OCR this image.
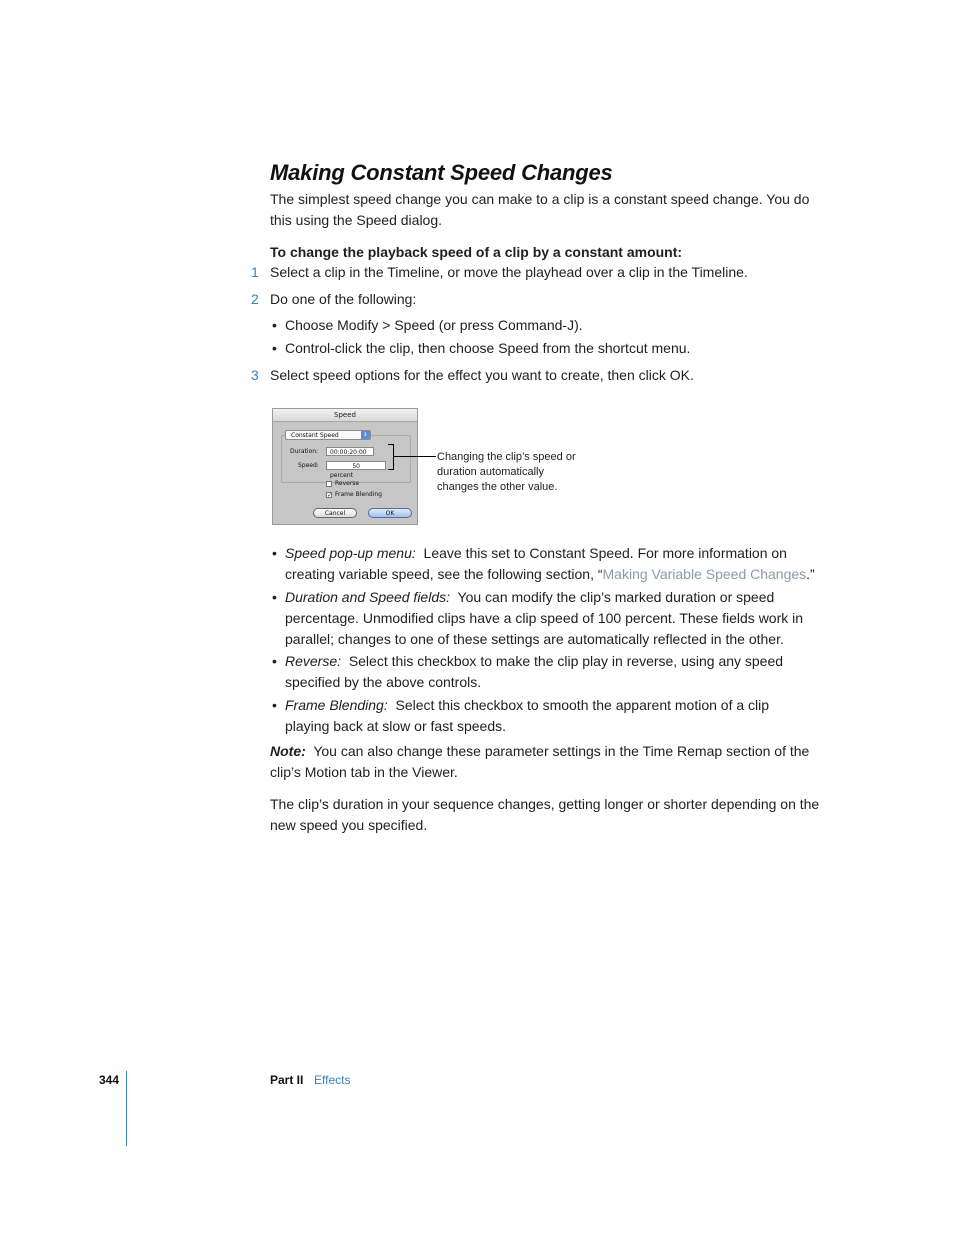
Making Constant Speed Changes
The simplest speed change you can make to a clip is a constant speed change. You do this using the Speed dialog.
To change the playback speed of a clip by a constant amount:
1 Select a clip in the Timeline, or move the playhead over a clip in the Timeline.
2 Do one of the following:
• Choose Modify > Speed (or press Command-J).
• Control-click the clip, then choose Speed from the shortcut menu.
3 Select speed options for the effect you want to create, then click OK.
Speed
Constant Speed	⇕
Duration:	00:00:20:00
Speed:	50 percent
Reverse
✓ Frame Blending
Cancel	OK
Changing the clip’s speed or duration automatically changes the other value.
• Speed pop-up menu: Leave this set to Constant Speed. For more information on creating variable speed, see the following section, “Making Variable Speed Changes.”
• Duration and Speed fields: You can modify the clip’s marked duration or speed percentage. Unmodified clips have a clip speed of 100 percent. These fields work in parallel; changes to one of these settings are automatically reflected in the other.
• Reverse: Select this checkbox to make the clip play in reverse, using any speed specified by the above controls.
• Frame Blending: Select this checkbox to smooth the apparent motion of a clip playing back at slow or fast speeds.
Note: You can also change these parameter settings in the Time Remap section of the clip’s Motion tab in the Viewer.
The clip’s duration in your sequence changes, getting longer or shorter depending on the new speed you specified.
344	Part II Effects
